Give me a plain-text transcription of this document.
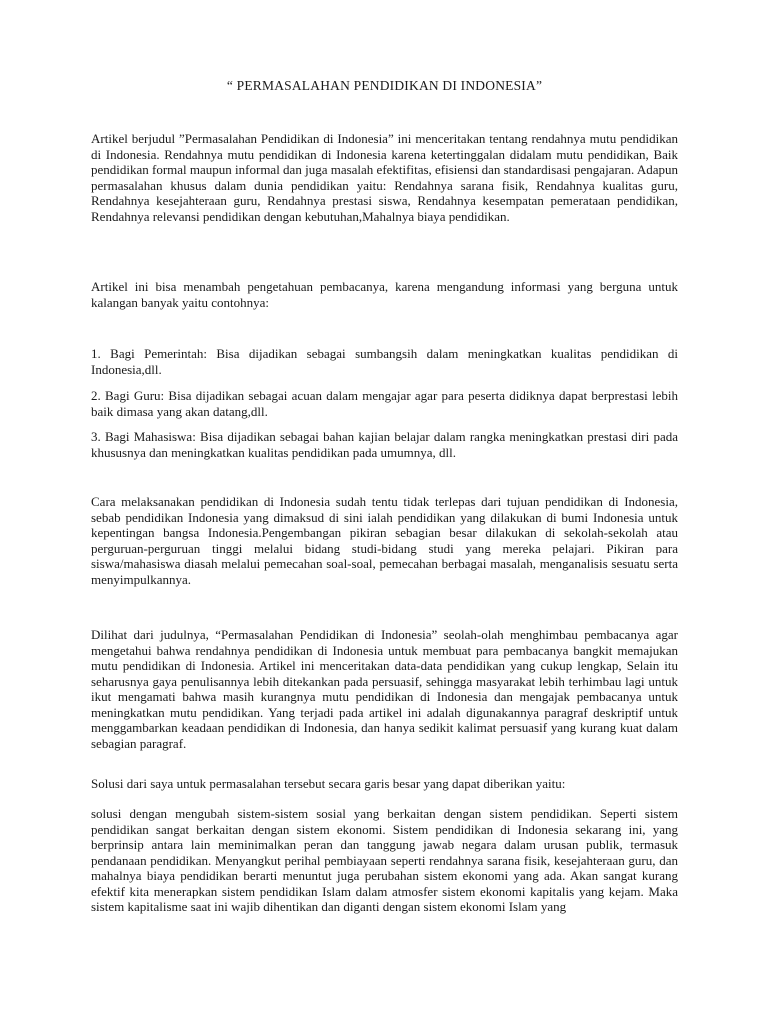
“ PERMASALAHAN PENDIDIKAN DI INDONESIA”

Artikel berjudul ”Permasalahan Pendidikan di Indonesia” ini menceritakan tentang rendahnya mutu pendidikan di Indonesia. Rendahnya mutu pendidikan di Indonesia karena ketertinggalan didalam mutu pendidikan, Baik pendidikan formal maupun informal dan juga masalah efektifitas, efisiensi dan standardisasi pengajaran. Adapun permasalahan khusus dalam dunia pendidikan yaitu: Rendahnya sarana fisik, Rendahnya kualitas guru, Rendahnya kesejahteraan guru, Rendahnya prestasi siswa, Rendahnya kesempatan pemerataan pendidikan, Rendahnya relevansi pendidikan dengan kebutuhan,Mahalnya biaya pendidikan.

Artikel ini bisa menambah pengetahuan pembacanya, karena mengandung informasi yang berguna untuk kalangan banyak yaitu contohnya:

1. Bagi Pemerintah: Bisa dijadikan sebagai sumbangsih dalam meningkatkan kualitas pendidikan di Indonesia,dll.

2. Bagi Guru: Bisa dijadikan sebagai acuan dalam mengajar agar para peserta didiknya dapat berprestasi lebih baik dimasa yang akan datang,dll.

3. Bagi Mahasiswa: Bisa dijadikan sebagai bahan kajian belajar dalam rangka meningkatkan prestasi diri pada khususnya dan meningkatkan kualitas pendidikan pada umumnya, dll.

Cara melaksanakan pendidikan di Indonesia sudah tentu tidak terlepas dari tujuan pendidikan di Indonesia, sebab pendidikan Indonesia yang dimaksud di sini ialah pendidikan yang dilakukan di bumi Indonesia untuk kepentingan bangsa Indonesia.Pengembangan pikiran sebagian besar dilakukan di sekolah-sekolah atau perguruan-perguruan tinggi melalui bidang studi-bidang studi yang mereka pelajari. Pikiran para siswa/mahasiswa diasah melalui pemecahan soal-soal, pemecahan berbagai masalah, menganalisis sesuatu serta menyimpulkannya.

Dilihat dari judulnya, “Permasalahan Pendidikan di Indonesia” seolah-olah menghimbau pembacanya agar mengetahui bahwa rendahnya pendidikan di Indonesia untuk membuat para pembacanya bangkit memajukan mutu pendidikan di Indonesia. Artikel ini menceritakan data-data pendidikan yang cukup lengkap, Selain itu seharusnya gaya penulisannya lebih ditekankan pada persuasif, sehingga masyarakat lebih terhimbau lagi untuk ikut mengamati bahwa masih kurangnya mutu pendidikan di Indonesia dan mengajak pembacanya untuk meningkatkan mutu pendidikan. Yang terjadi pada artikel ini adalah digunakannya paragraf deskriptif untuk menggambarkan keadaan pendidikan di Indonesia, dan hanya sedikit kalimat persuasif yang kurang kuat dalam sebagian paragraf.

Solusi dari saya untuk permasalahan tersebut secara garis besar yang dapat diberikan yaitu:

solusi dengan mengubah sistem-sistem sosial yang berkaitan dengan sistem pendidikan. Seperti sistem pendidikan sangat berkaitan dengan sistem ekonomi. Sistem pendidikan di Indonesia sekarang ini, yang berprinsip antara lain meminimalkan peran dan tanggung jawab negara dalam urusan publik, termasuk pendanaan pendidikan. Menyangkut perihal pembiayaan seperti rendahnya sarana fisik, kesejahteraan guru, dan mahalnya biaya pendidikan berarti menuntut juga perubahan sistem ekonomi yang ada. Akan sangat kurang efektif kita menerapkan sistem pendidikan Islam dalam atmosfer sistem ekonomi kapitalis yang kejam. Maka sistem kapitalisme saat ini wajib dihentikan dan diganti dengan sistem ekonomi Islam yang
